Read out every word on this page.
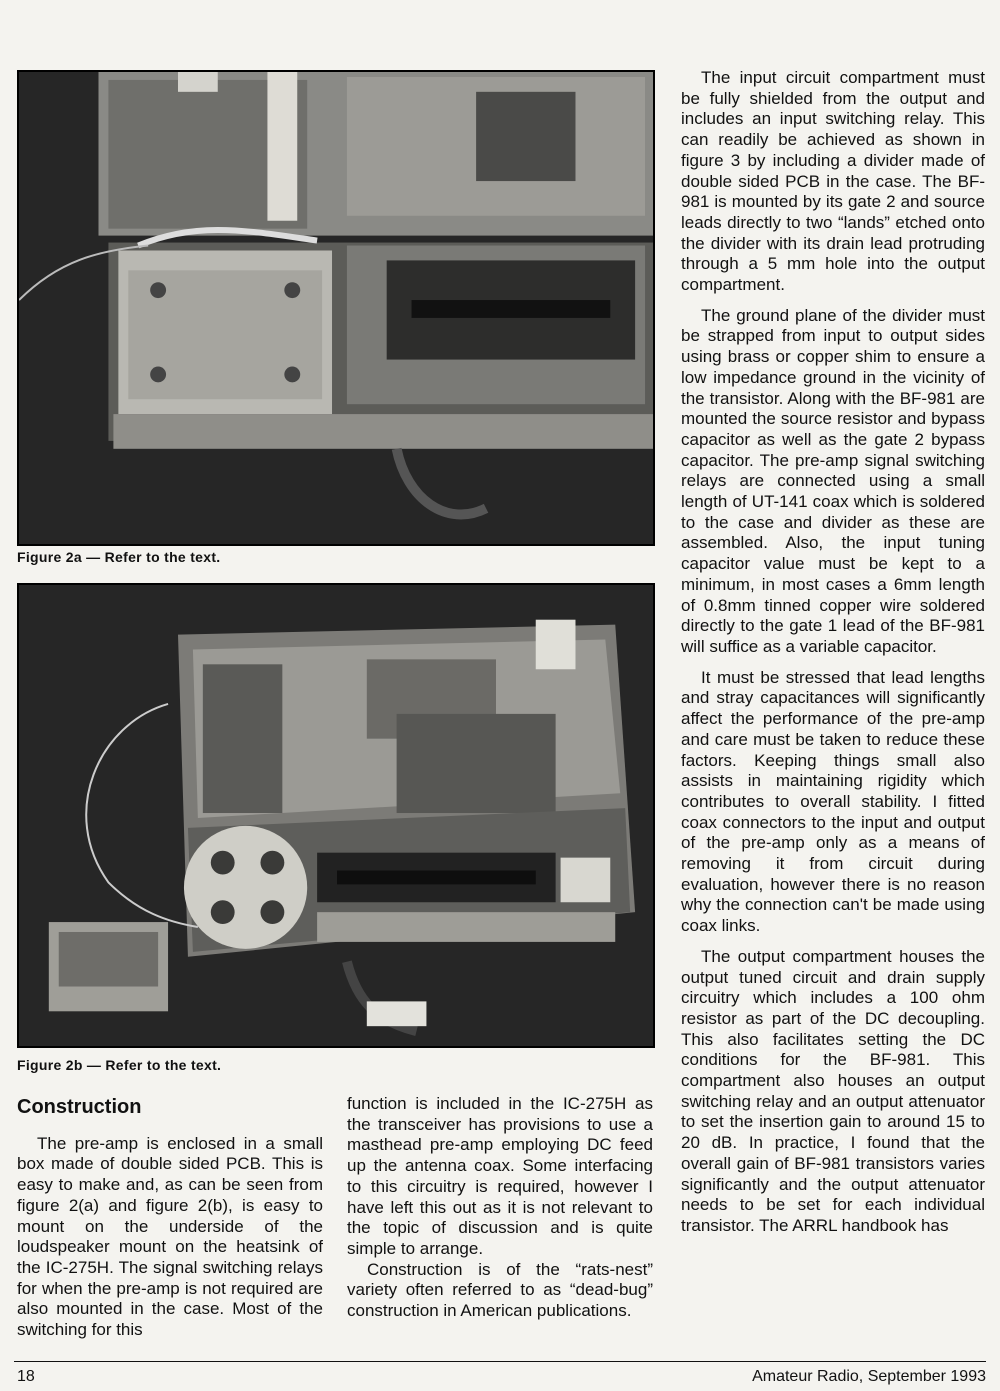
Figure 2a — Refer to the text.
Figure 2b — Refer to the text.
Construction

The pre-amp is enclosed in a small box made of double sided PCB. This is easy to make and, as can be seen from figure 2(a) and figure 2(b), is easy to mount on the underside of the loudspeaker mount on the heatsink of the IC-275H. The signal switching relays for when the pre-amp is not required are also mounted in the case. Most of the switching for this

function is included in the IC-275H as the transceiver has provisions to use a masthead pre-amp employing DC feed up the antenna coax. Some interfacing to this circuitry is required, however I have left this out as it is not relevant to the topic of discussion and is quite simple to arrange.

Construction is of the “rats-nest” variety often referred to as “dead-bug” construction in American publications.

The input circuit compartment must be fully shielded from the output and includes an input switching relay. This can readily be achieved as shown in figure 3 by including a divider made of double sided PCB in the case. The BF-981 is mounted by its gate 2 and source leads directly to two “lands” etched onto the divider with its drain lead protruding through a 5 mm hole into the output compartment.

The ground plane of the divider must be strapped from input to output sides using brass or copper shim to ensure a low impedance ground in the vicinity of the transistor. Along with the BF-981 are mounted the source resistor and bypass capacitor as well as the gate 2 bypass capacitor. The pre-amp signal switching relays are connected using a small length of UT-141 coax which is soldered to the case and divider as these are assembled. Also, the input tuning capacitor value must be kept to a minimum, in most cases a 6mm length of 0.8mm tinned copper wire soldered directly to the gate 1 lead of the BF-981 will suffice as a variable capacitor.

It must be stressed that lead lengths and stray capacitances will significantly affect the performance of the pre-amp and care must be taken to reduce these factors. Keeping things small also assists in maintaining rigidity which contributes to overall stability. I fitted coax connectors to the input and output of the pre-amp only as a means of removing it from circuit during evaluation, however there is no reason why the connection can't be made using coax links.

The output compartment houses the output tuned circuit and drain supply circuitry which includes a 100 ohm resistor as part of the DC decoupling. This also facilitates setting the DC conditions for the BF-981. This compartment also houses an output switching relay and an output attenuator to set the insertion gain to around 15 to 20 dB. In practice, I found that the overall gain of BF-981 transistors varies significantly and the output attenuator needs to be set for each individual transistor. The ARRL handbook has

18	Amateur Radio, September 1993
